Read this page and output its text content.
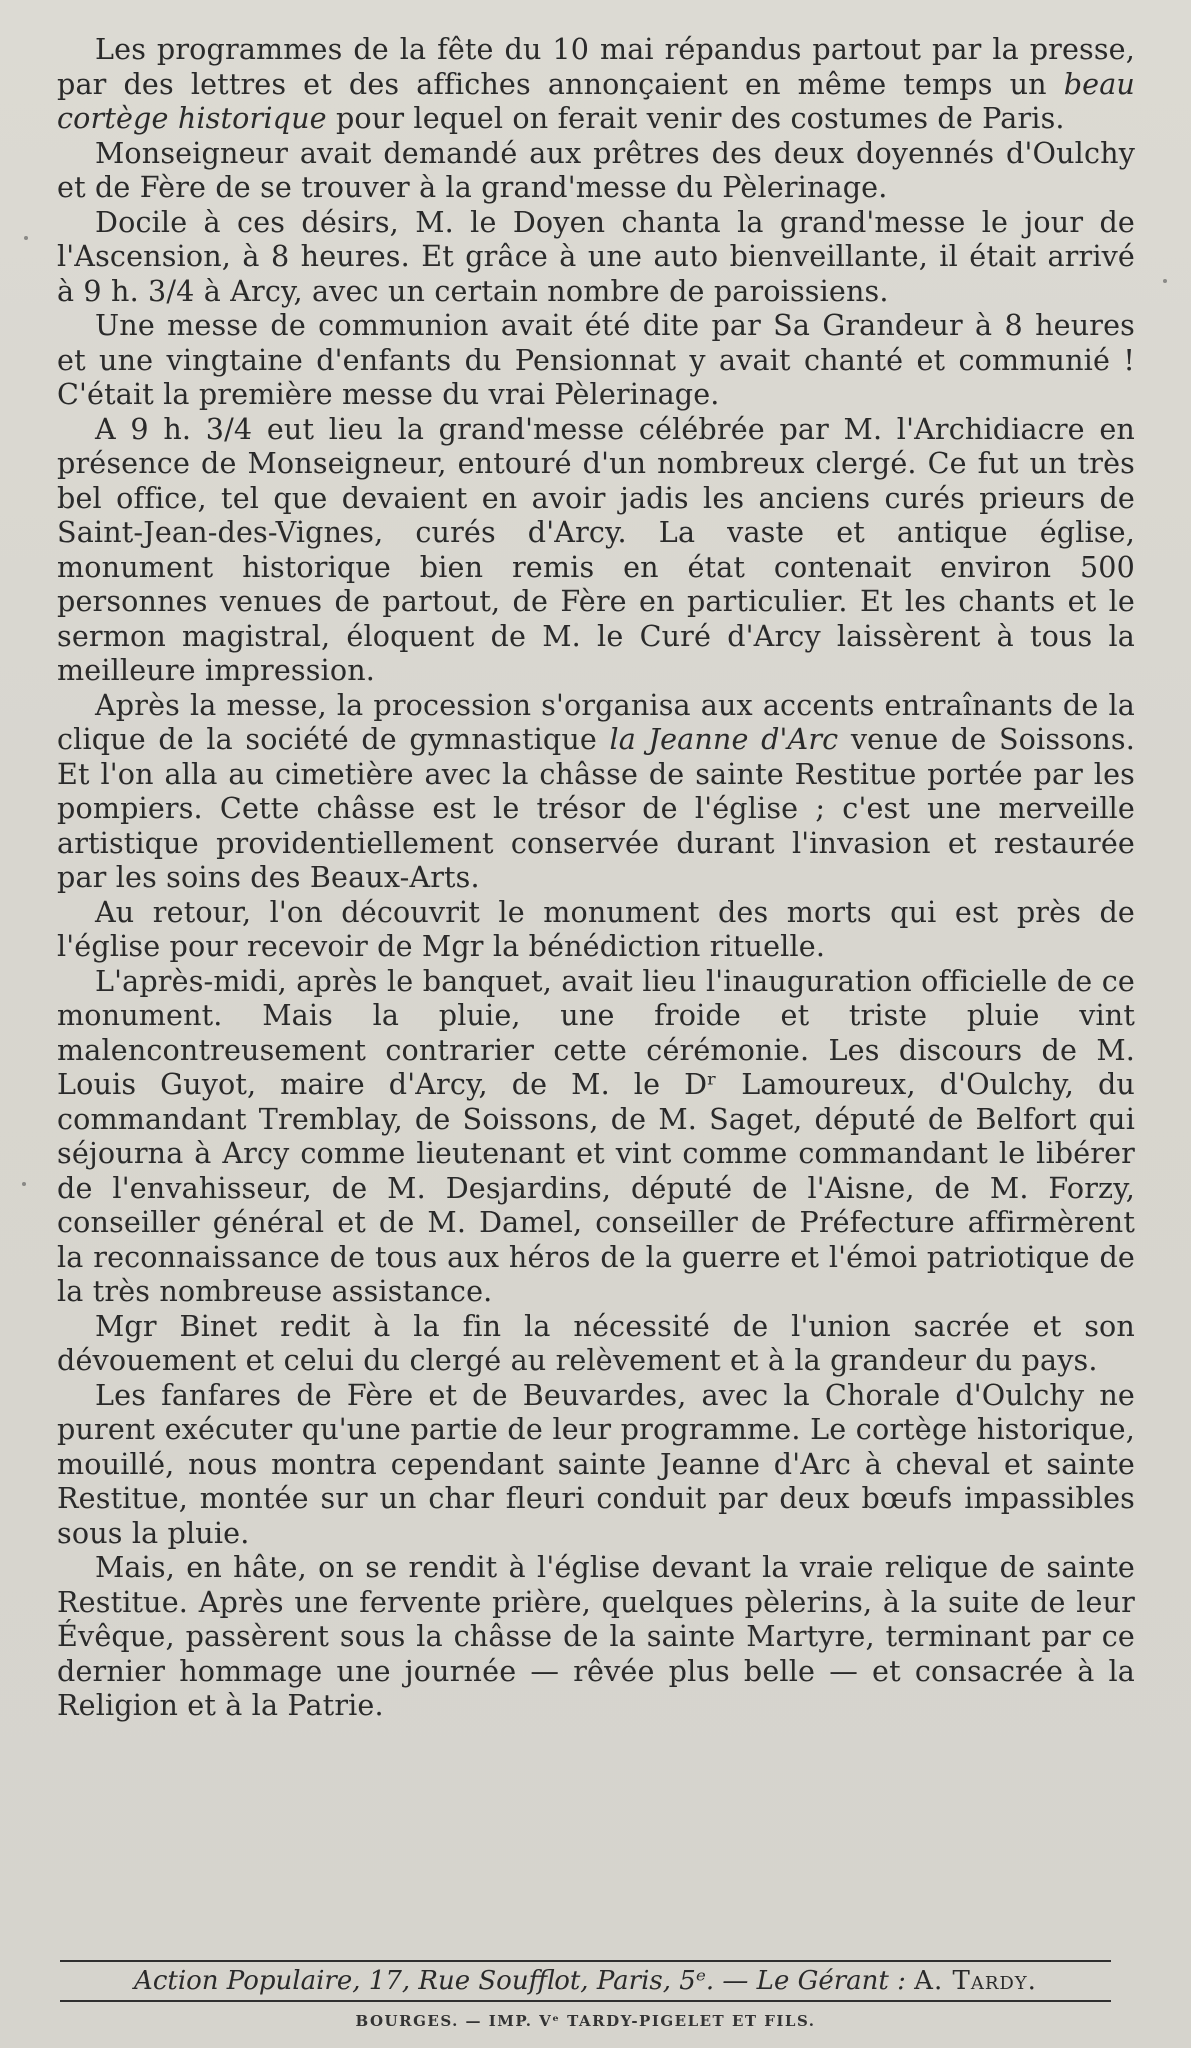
Les programmes de la fête du 10 mai répandus partout par la presse, par des lettres et des affiches annonçaient en même temps un beau cortège historique pour lequel on ferait venir des costumes de Paris.

Monseigneur avait demandé aux prêtres des deux doyennés d'Oulchy et de Fère de se trouver à la grand'messe du Pèlerinage.

Docile à ces désirs, M. le Doyen chanta la grand'messe le jour de l'Ascension, à 8 heures. Et grâce à une auto bienveillante, il était arrivé à 9 h. 3/4 à Arcy, avec un certain nombre de paroissiens.

Une messe de communion avait été dite par Sa Grandeur à 8 heures et une vingtaine d'enfants du Pensionnat y avait chanté et communié ! C'était la première messe du vrai Pèlerinage.

A 9 h. 3/4 eut lieu la grand'messe célébrée par M. l'Archidiacre en présence de Monseigneur, entouré d'un nombreux clergé. Ce fut un très bel office, tel que devaient en avoir jadis les anciens curés prieurs de Saint-Jean-des-Vignes, curés d'Arcy. La vaste et antique église, monument historique bien remis en état contenait environ 500 personnes venues de partout, de Fère en particulier. Et les chants et le sermon magistral, éloquent de M. le Curé d'Arcy laissèrent à tous la meilleure impression.

Après la messe, la procession s'organisa aux accents entraînants de la clique de la société de gymnastique la Jeanne d'Arc venue de Soissons. Et l'on alla au cimetière avec la châsse de sainte Restitue portée par les pompiers. Cette châsse est le trésor de l'église ; c'est une merveille artistique providentiellement conservée durant l'invasion et restaurée par les soins des Beaux-Arts.

Au retour, l'on découvrit le monument des morts qui est près de l'église pour recevoir de Mgr la bénédiction rituelle.

L'après-midi, après le banquet, avait lieu l'inauguration officielle de ce monument. Mais la pluie, une froide et triste pluie vint malencontreusement contrarier cette cérémonie. Les discours de M. Louis Guyot, maire d'Arcy, de M. le Dʳ Lamoureux, d'Oulchy, du commandant Tremblay, de Soissons, de M. Saget, député de Belfort qui séjourna à Arcy comme lieutenant et vint comme commandant le libérer de l'envahisseur, de M. Desjardins, député de l'Aisne, de M. Forzy, conseiller général et de M. Damel, conseiller de Préfecture affirmèrent la reconnaissance de tous aux héros de la guerre et l'émoi patriotique de la très nombreuse assistance.

Mgr Binet redit à la fin la nécessité de l'union sacrée et son dévouement et celui du clergé au relèvement et à la grandeur du pays.

Les fanfares de Fère et de Beuvardes, avec la Chorale d'Oulchy ne purent exécuter qu'une partie de leur programme. Le cortège historique, mouillé, nous montra cependant sainte Jeanne d'Arc à cheval et sainte Restitue, montée sur un char fleuri conduit par deux bœufs impassibles sous la pluie.

Mais, en hâte, on se rendit à l'église devant la vraie relique de sainte Restitue. Après une fervente prière, quelques pèlerins, à la suite de leur Évêque, passèrent sous la châsse de la sainte Martyre, terminant par ce dernier hommage une journée — rêvée plus belle — et consacrée à la Religion et à la Patrie.

Action Populaire, 17, Rue Soufflot, Paris, 5ᵉ. — Le Gérant : A. Tardy.
BOURGES. — IMP. Vᵉ TARDY-PIGELET ET FILS.
